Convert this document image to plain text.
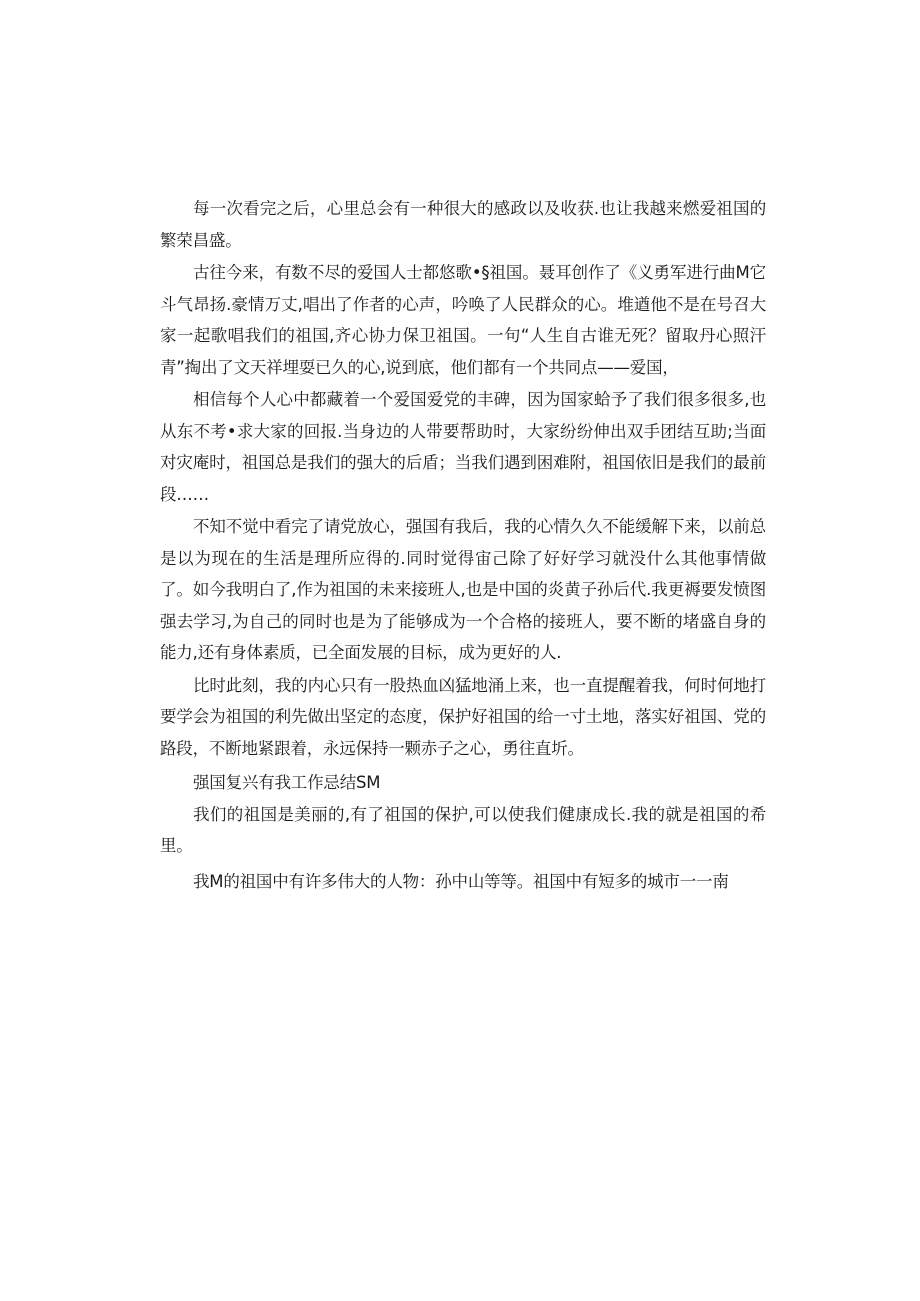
每一次看完之后，心里总会有一种很大的感政以及收获.也让我越来燃爱祖国的繁荣昌盛。

古往今来，有数不尽的爱国人士都悠歌•§祖国。聂耳创作了《义勇军进行曲M它斗气昂扬.豪情万丈,唱出了作者的心声，吟唤了人民群众的心。堆遒他不是在号召大家一起歌唱我们的祖国,齐心协力保卫祖国。一句“人生自古谁无死？留取丹心照汗青”掏出了文天祥埋耍已久的心,说到底，他们都有一个共同点——爱国，

相信每个人心中都藏着一个爱国爱党的丰碑，因为国家蛤予了我们很多很多,也从东不考•求大家的回报.当身边的人带要帮助时，大家纷纷伸出双手团结互助;当面对灾庵时，祖国总是我们的强大的后盾；当我们遇到困难附，祖国依旧是我们的最前段……

不知不觉中看完了请党放心，强国有我后，我的心情久久不能缓解下来，以前总是以为现在的生活是理所应得的.同时觉得宙己除了好好学习就没什么其他事情做了。如今我明白了,作为祖国的未来接班人,也是中国的炎黄子孙后代.我更褥要发愤图强去学习,为自己的同时也是为了能够成为一个合格的接班人，要不断的堵盛自身的能力,还有身体素质，已全面发展的目标，成为更好的人.

比时此刻，我的内心只有一股热血凶猛地涌上来，也一直提醒着我，何时何地打要学会为祖国的利先做出坚定的态度，保护好祖国的给一寸土地，落实好祖国、党的路段，不断地紧跟着，永远保持一颗赤子之心，勇往直圻。

强国复兴有我工作忌结SM

我们的祖国是美丽的,有了祖国的保护,可以使我们健康成长.我的就是祖国的希里。

我M的祖国中有许多伟大的人物：孙中山等等。祖国中有短多的城市一一南
